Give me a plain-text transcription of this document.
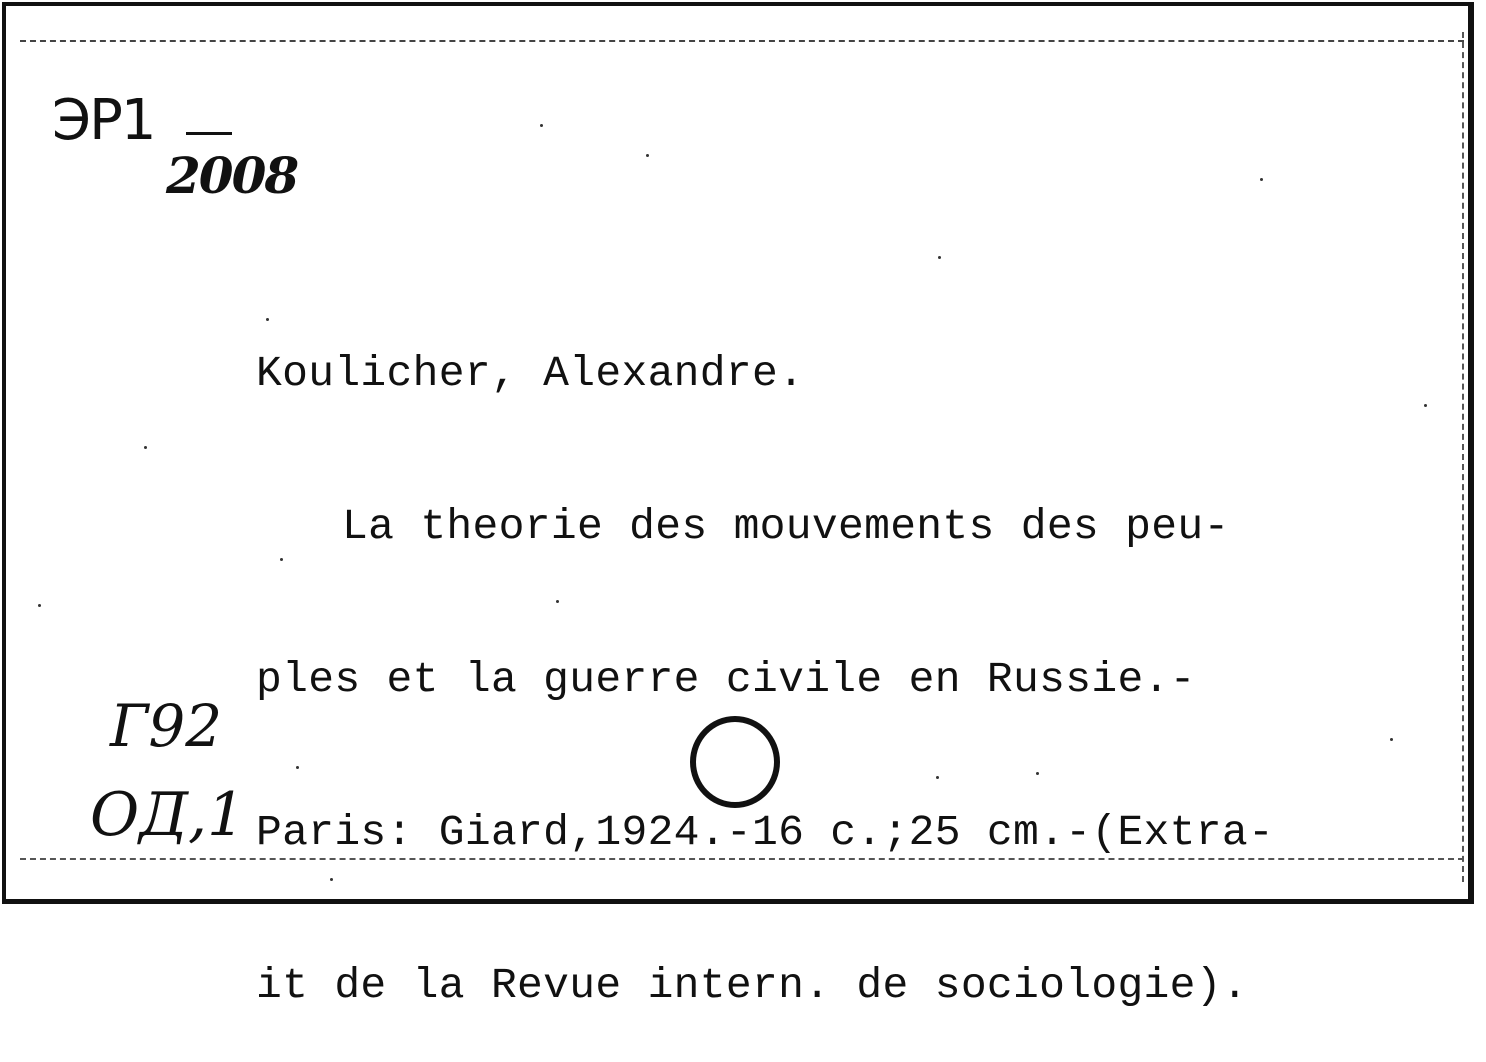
ЭР1
2008

Koulicher, Alexandre.

La theorie des mouvements des peu-

ples et la guerre civile en Russie.-

Paris: Giard,1924.-16 c.;25 cm.-(Extra-

it de la Revue intern. de sociologie).

Г92
ОД,1
